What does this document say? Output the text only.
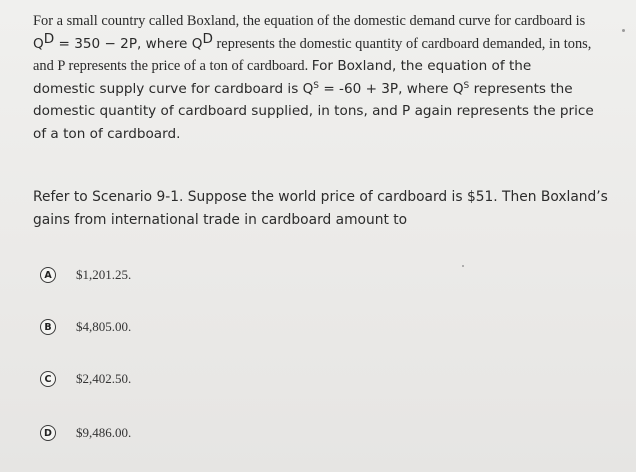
For a small country called Boxland, the equation of the domestic demand curve for cardboard is
$Q^D = 350 - 2P$, where $Q^D$ represents the domestic quantity of cardboard demanded, in tons,
and P represents the price of a ton of cardboard. For Boxland, the equation of the
domestic supply curve for cardboard is $Q^S = -60 + 3P$, where $Q^S$ represents the
domestic quantity of cardboard supplied, in tons, and P again represents the price
of a ton of cardboard.
Refer to Scenario 9-1. Suppose the world price of cardboard is $51. Then Boxland’s
gains from international trade in cardboard amount to
A	$1,201.25.
B	$4,805.00.
C	$2,402.50.
D	$9,486.00.
